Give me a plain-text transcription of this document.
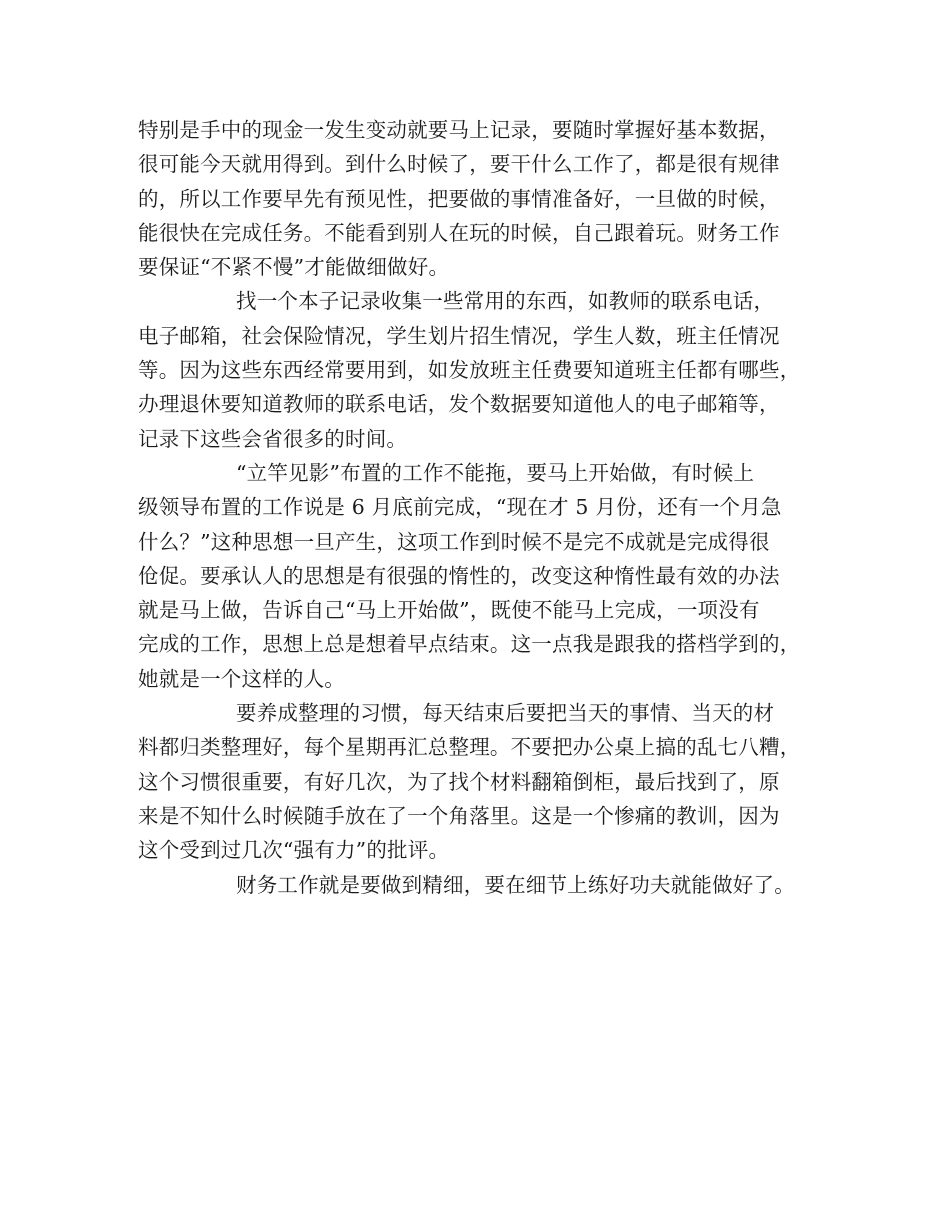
特别是手中的现金一发生变动就要马上记录，要随时掌握好基本数据，
很可能今天就用得到。到什么时候了，要干什么工作了，都是很有规律
的，所以工作要早先有预见性，把要做的事情准备好，一旦做的时候，
能很快在完成任务。不能看到别人在玩的时候，自己跟着玩。财务工作
要保证“不紧不慢”才能做细做好。
找一个本子记录收集一些常用的东西，如教师的联系电话，
电子邮箱，社会保险情况，学生划片招生情况，学生人数，班主任情况
等。因为这些东西经常要用到，如发放班主任费要知道班主任都有哪些，
办理退休要知道教师的联系电话，发个数据要知道他人的电子邮箱等，
记录下这些会省很多的时间。
“立竿见影”布置的工作不能拖，要马上开始做，有时候上
级领导布置的工作说是 6 月底前完成，“现在才 5 月份，还有一个月急
什么？”这种思想一旦产生，这项工作到时候不是完不成就是完成得很
伧促。要承认人的思想是有很强的惰性的，改变这种惰性最有效的办法
就是马上做，告诉自己“马上开始做”，既使不能马上完成，一项没有
完成的工作，思想上总是想着早点结束。这一点我是跟我的搭档学到的，
她就是一个这样的人。
要养成整理的习惯，每天结束后要把当天的事情、当天的材
料都归类整理好，每个星期再汇总整理。不要把办公桌上搞的乱七八糟，
这个习惯很重要，有好几次，为了找个材料翻箱倒柜，最后找到了，原
来是不知什么时候随手放在了一个角落里。这是一个惨痛的教训，因为
这个受到过几次“强有力”的批评。
财务工作就是要做到精细，要在细节上练好功夫就能做好了。
